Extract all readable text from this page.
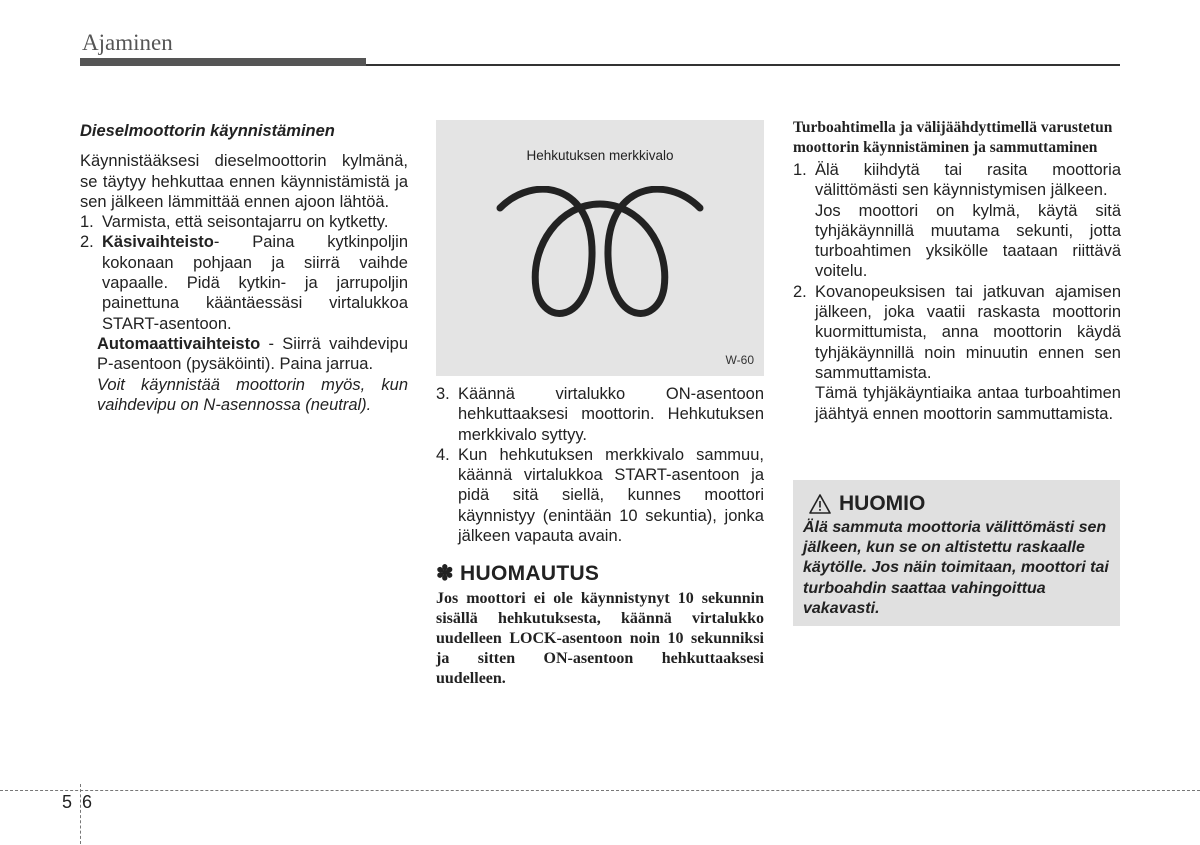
Ajaminen

Dieselmoottorin käynnistäminen

Käynnistääksesi dieselmoottorin kylmänä, se täytyy hehkuttaa ennen käynnistämistä ja sen jälkeen lämmittää ennen ajoon lähtöä.

1. Varmista, että seisontajarru on kytketty.
2. Käsivaihteisto- Paina kytkinpoljin kokonaan pohjaan ja siirrä vaihde vapaalle. Pidä kytkin- ja jarrupoljin painettuna kääntäessäsi virtalukkoa START-asentoon.

Automaattivaihteisto - Siirrä vaihdevipu P-asentoon (pysäköinti). Paina jarrua.

Voit käynnistää moottorin myös, kun vaihdevipu on N-asennossa (neutral).

Hehkutuksen merkkivalo
W-60
3. Käännä virtalukko ON-asentoon hehkuttaaksesi moottorin. Hehkutuksen merkkivalo syttyy.
4. Kun hehkutuksen merkkivalo sammuu, käännä virtalukkoa START-asentoon ja pidä sitä siellä, kunnes moottori käynnistyy (enintään 10 sekuntia), jonka jälkeen vapauta avain.
✽ HUOMAUTUS

Jos moottori ei ole käynnistynyt 10 sekunnin sisällä hehkutuksesta, käännä virtalukko uudelleen LOCK-asentoon noin 10 sekunniksi ja sitten ON-asentoon hehkuttaaksesi uudelleen.

Turboahtimella ja välijäähdyttimellä varustetun moottorin käynnistäminen ja sammuttaminen

1. Älä kiihdytä tai rasita moottoria välittömästi sen käynnistymisen jälkeen.

Jos moottori on kylmä, käytä sitä tyhjäkäynnillä muutama sekunti, jotta turboahtimen yksikölle taataan riittävä voitelu.

2. Kovanopeuksisen tai jatkuvan ajamisen jälkeen, joka vaatii raskasta moottorin kuormittumista, anna moottorin käydä tyhjäkäynnillä noin minuutin ennen sen sammuttamista.

Tämä tyhjäkäyntiaika antaa turboahtimen jäähtyä ennen moottorin sammuttamista.

HUOMIO
Älä sammuta moottoria välittömästi sen jälkeen, kun se on altistettu raskaalle käytölle. Jos näin toimitaan, moottori tai turboahdin saattaa vahingoittua vakavasti.
5 6
